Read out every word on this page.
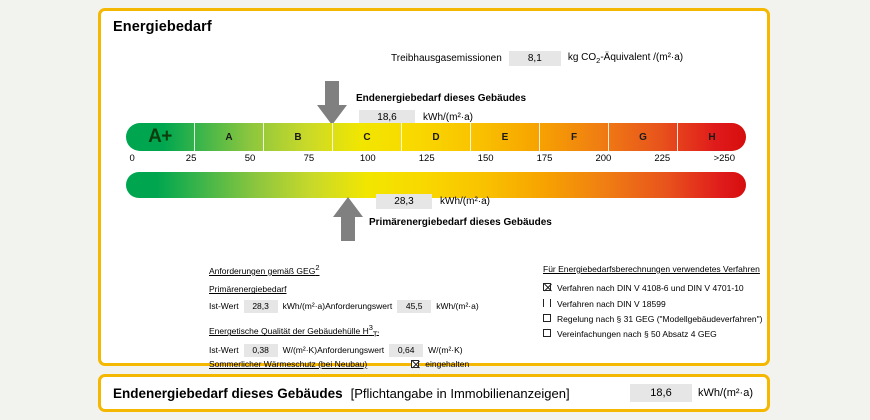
Energiebedarf
Treibhausgasemissionen	8,1	kg $CO_2$-Äquivalent /(m²·a)
Endenergiebedarf dieses Gebäudes
18,6	kWh/(m²·a)
A+	A	B	C	D	E	F	G	H
0	25	50	75	100	125	150	175	200	225	>250
28,3	kWh/(m²·a)
Primärenergiebedarf dieses Gebäudes
Anforderungen gemäß GEG$^2$
Primärenergiebedarf
Ist-Wert	28,3	kWh/(m²·a) Anforderungswert	45,5	kWh/(m²·a)
Energetische Qualität der Gebäudehülle $H^3_{T'}$
Ist-Wert	0,38	W/(m²·K) Anforderungswert	0,64	W/(m²·K)
Sommerlicher Wärmeschutz (bei Neubau)	eingehalten
Für Energiebedarfsberechnungen verwendetes Verfahren
Verfahren nach DIN V 4108-6 und DIN V 4701-10
Verfahren nach DIN V 18599
Regelung nach § 31 GEG ("Modellgebäudeverfahren")
Vereinfachungen nach § 50 Absatz 4 GEG
Endenergiebedarf dieses Gebäudes [Pflichtangabe in Immobilienanzeigen]	18,6	kWh/(m²·a)
